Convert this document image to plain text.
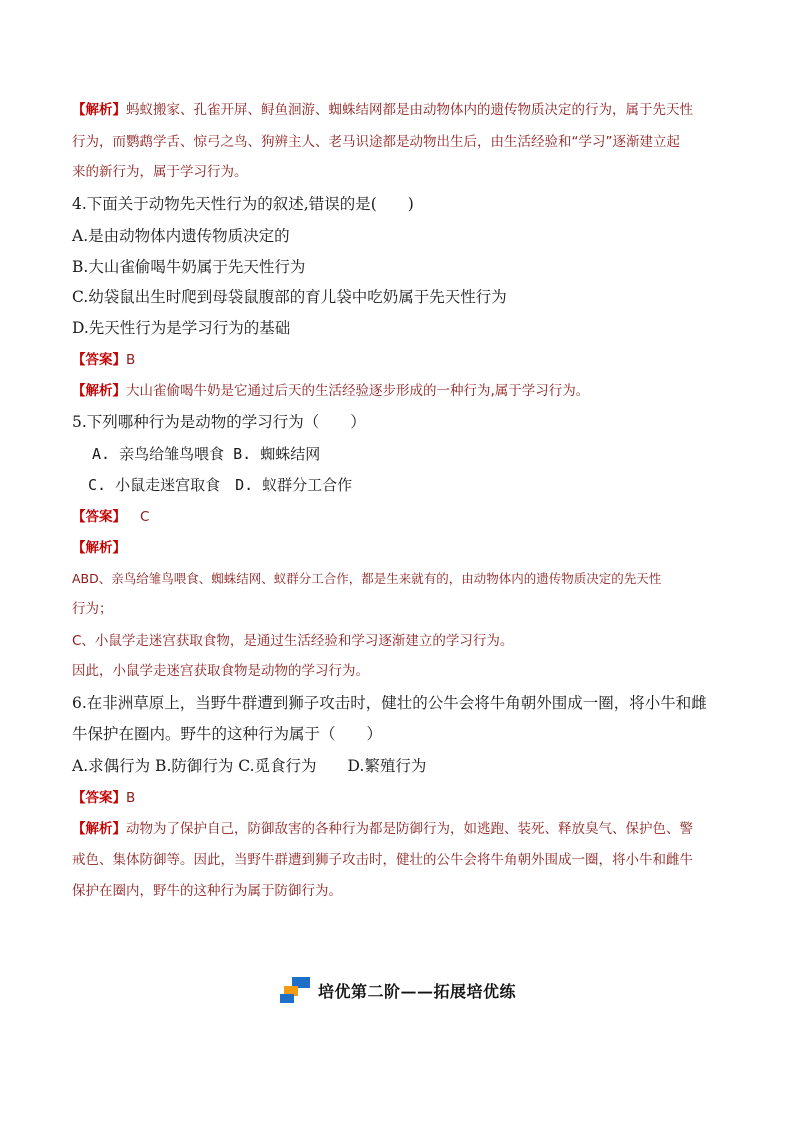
【解析】蚂蚁搬家、孔雀开屏、鲟鱼洄游、蜘蛛结网都是由动物体内的遗传物质决定的行为，属于先天性
行为，而鹦鹉学舌、惊弓之鸟、狗辨主人、老马识途都是动物出生后，由生活经验和“学习”逐渐建立起
来的新行为，属于学习行为。
4.下面关于动物先天性行为的叙述,错误的是(　　)
A.是由动物体内遗传物质决定的
B.大山雀偷喝牛奶属于先天性行为
C.幼袋鼠出生时爬到母袋鼠腹部的育儿袋中吃奶属于先天性行为
D.先天性行为是学习行为的基础
【答案】B
【解析】大山雀偷喝牛奶是它通过后天的生活经验逐步形成的一种行为,属于学习行为。
5.下列哪种行为是动物的学习行为（　　）
A. 亲鸟给雏鸟喂食 B. 蜘蛛结网
C. 小鼠走迷宫取食　D. 蚁群分工合作
【答案】 C
【解析】
ABD、亲鸟给雏鸟喂食、蜘蛛结网、蚁群分工合作，都是生来就有的，由动物体内的遗传物质决定的先天性
行为；
C、小鼠学走迷宫获取食物，是通过生活经验和学习逐渐建立的学习行为。
因此，小鼠学走迷宫获取食物是动物的学习行为。
6.在非洲草原上，当野牛群遭到狮子攻击时，健壮的公牛会将牛角朝外围成一圈，将小牛和雌
牛保护在圈内。野牛的这种行为属于（　　）
A.求偶行为 B.防御行为 C.觅食行为　　D.繁殖行为
【答案】B
【解析】动物为了保护自己，防御敌害的各种行为都是防御行为，如逃跑、装死、释放臭气、保护色、警
戒色、集体防御等。因此，当野牛群遭到狮子攻击时，健壮的公牛会将牛角朝外围成一圈，将小牛和雌牛
保护在圈内，野牛的这种行为属于防御行为。
培优第二阶——拓展培优练
